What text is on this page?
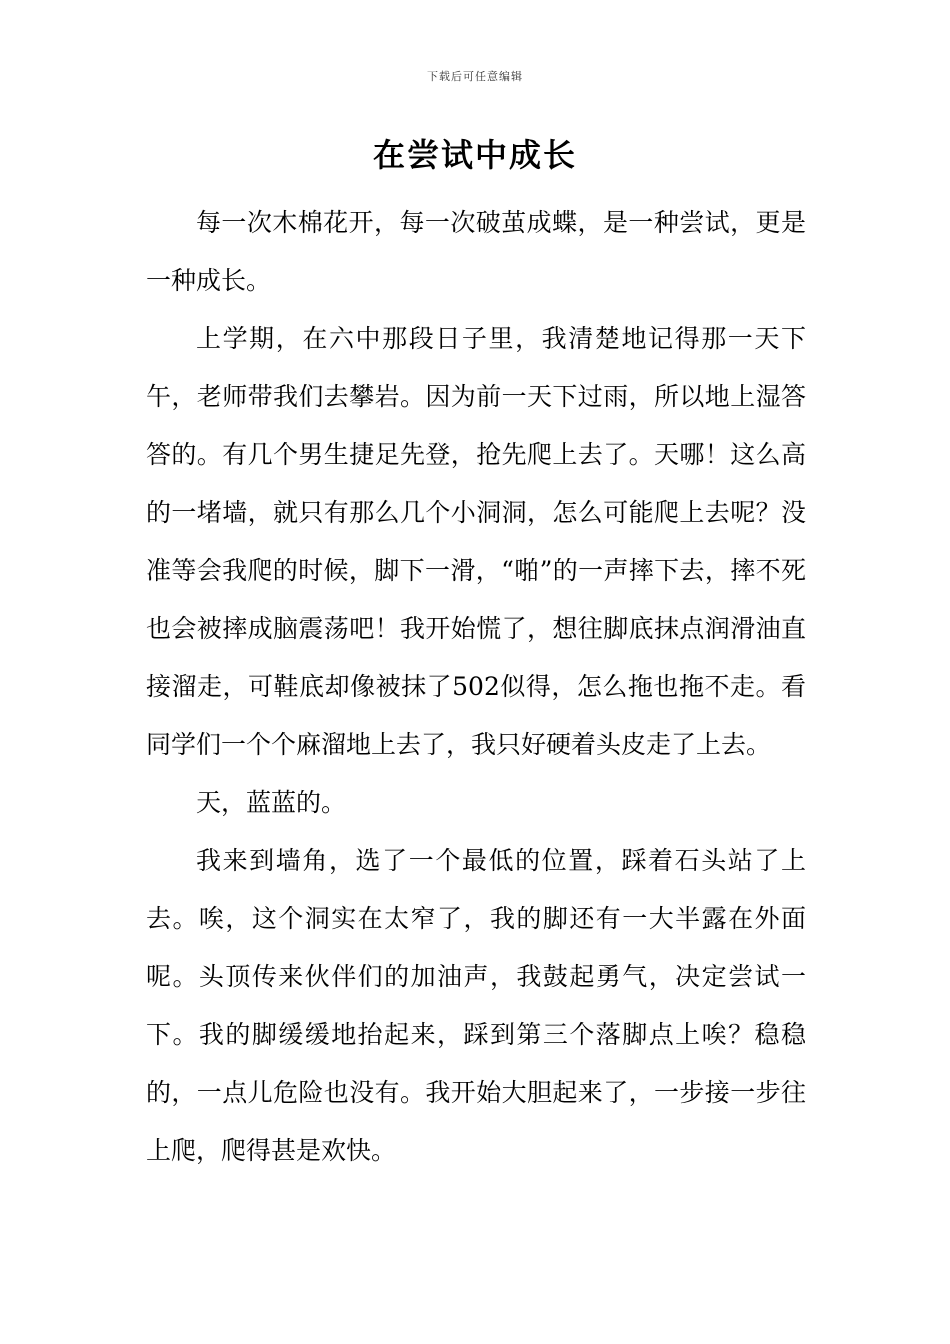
下载后可任意编辑
在尝试中成长

每一次木棉花开，每一次破茧成蝶，是一种尝试，更是一种成长。

上学期，在六中那段日子里，我清楚地记得那一天下午，老师带我们去攀岩。因为前一天下过雨，所以地上湿答答的。有几个男生捷足先登，抢先爬上去了。天哪！这么高的一堵墙，就只有那么几个小洞洞，怎么可能爬上去呢？没准等会我爬的时候，脚下一滑，“啪”的一声摔下去，摔不死也会被摔成脑震荡吧！我开始慌了，想往脚底抹点润滑油直接溜走，可鞋底却像被抹了502似得，怎么拖也拖不走。看同学们一个个麻溜地上去了，我只好硬着头皮走了上去。

天，蓝蓝的。

我来到墙角，选了一个最低的位置，踩着石头站了上去。唉，这个洞实在太窄了，我的脚还有一大半露在外面呢。头顶传来伙伴们的加油声，我鼓起勇气，决定尝试一下。我的脚缓缓地抬起来，踩到第三个落脚点上唉？稳稳的，一点儿危险也没有。我开始大胆起来了，一步接一步往上爬，爬得甚是欢快。
